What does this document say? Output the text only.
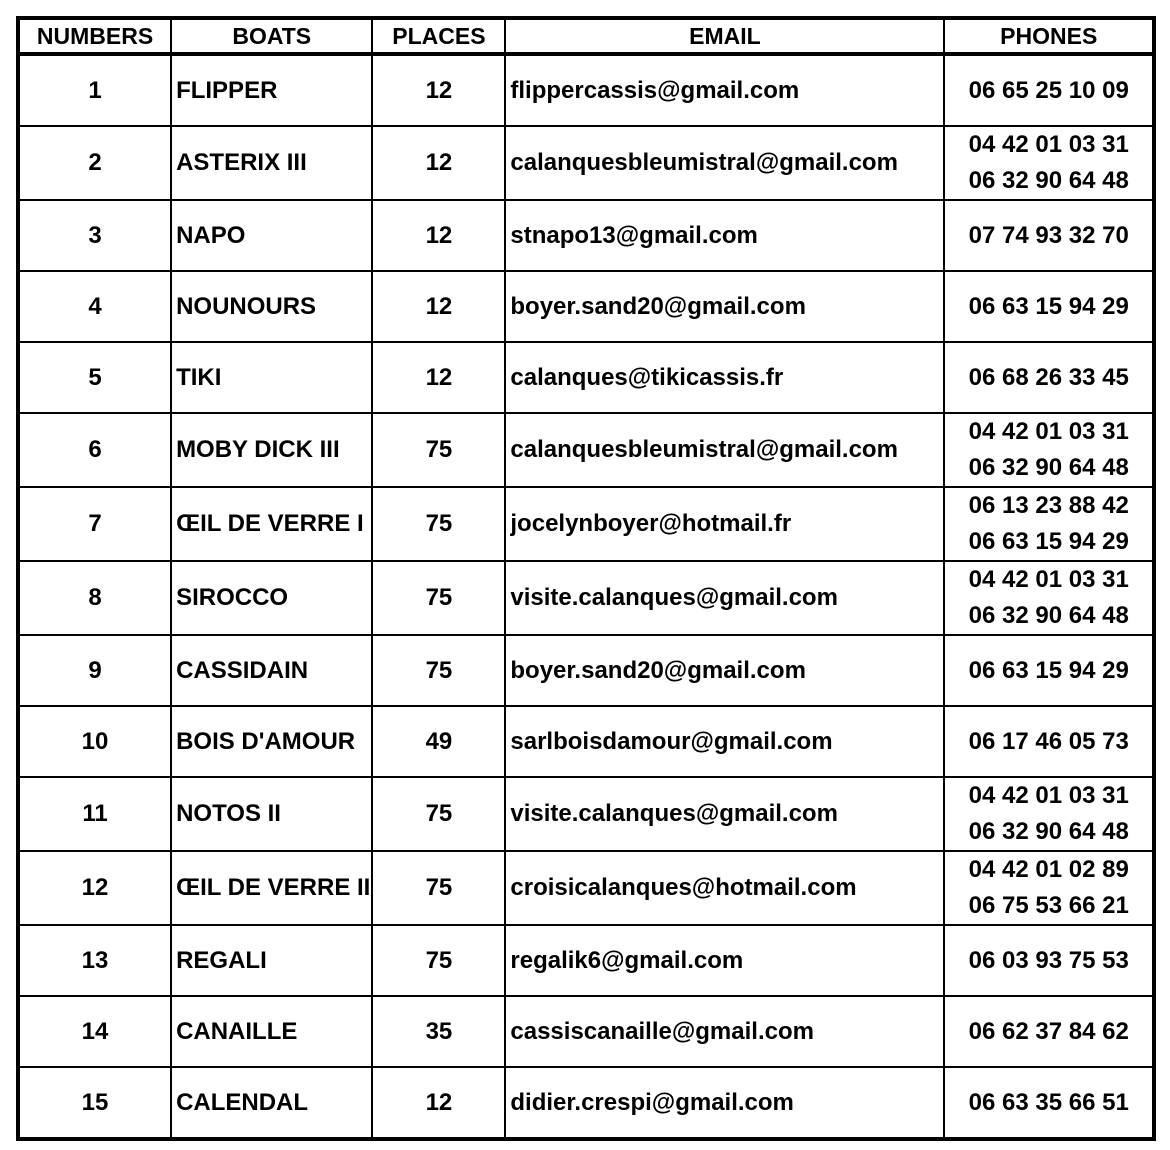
NUMBERS	BOATS	PLACES	EMAIL	PHONES
1	FLIPPER	12	flippercassis@gmail.com	06 65 25 10 09

2	ASTERIX III	12	calanquesbleumistral@gmail.com	04 42 01 03 31
06 32 90 64 48

3	NAPO	12	stnapo13@gmail.com	07 74 93 32 70

4	NOUNOURS	12	boyer.sand20@gmail.com	06 63 15 94 29

5	TIKI	12	calanques@tikicassis.fr	06 68 26 33 45

6	MOBY DICK III	75	calanquesbleumistral@gmail.com	04 42 01 03 31
06 32 90 64 48

7	ŒIL DE VERRE I	75	jocelynboyer@hotmail.fr	06 13 23 88 42
06 63 15 94 29

8	SIROCCO	75	visite.calanques@gmail.com	04 42 01 03 31
06 32 90 64 48

9	CASSIDAIN	75	boyer.sand20@gmail.com	06 63 15 94 29

10	BOIS D'AMOUR	49	sarlboisdamour@gmail.com	06 17 46 05 73

11	NOTOS II	75	visite.calanques@gmail.com	04 42 01 03 31
06 32 90 64 48

12	ŒIL DE VERRE II	75	croisicalanques@hotmail.com	04 42 01 02 89
06 75 53 66 21

13	REGALI	75	regalik6@gmail.com	06 03 93 75 53

14	CANAILLE	35	cassiscanaille@gmail.com	06 62 37 84 62

15	CALENDAL	12	didier.crespi@gmail.com	06 63 35 66 51
